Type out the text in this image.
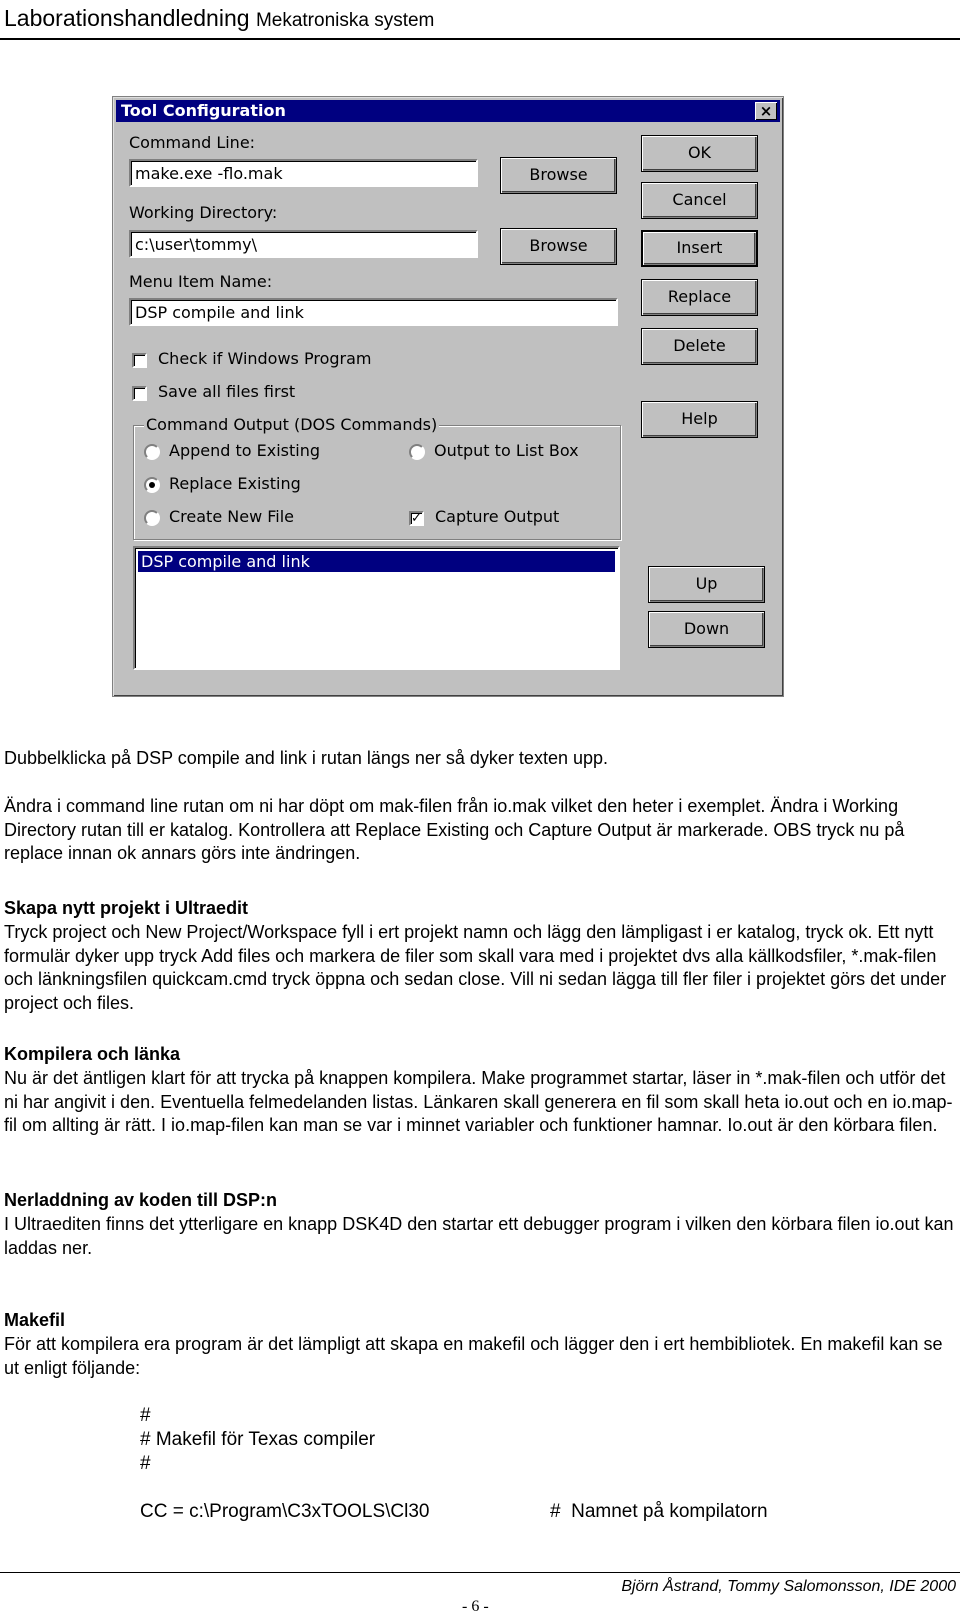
Laborationshandledning Mekatroniska system
Tool Configuration	×
Command Line:
make.exe -flo.mak
Browse
Working Directory:
c:\user\tommy\
Browse
Menu Item Name:
DSP compile and link
Check if Windows Program
Save all files first
Command Output (DOS Commands)
Append to Existing
Replace Existing
Create New File
Output to List Box
✓ Capture Output
DSP compile and link
OK
Cancel
Insert
Replace
Delete
Help
Up
Down

Dubbelklicka på DSP compile and link i rutan längs ner så dyker texten upp.

Ändra i command line rutan om ni har döpt om mak-filen från io.mak vilket den heter i exemplet. Ändra i Working Directory rutan till er katalog. Kontrollera att Replace Existing och Capture Output är markerade. OBS tryck nu på replace innan ok annars görs inte ändringen.

Skapa nytt projekt i Ultraedit

Tryck project och New Project/Workspace fyll i ert projekt namn och lägg den lämpligast i er katalog, tryck ok. Ett nytt formulär dyker upp tryck Add files och markera de filer som skall vara med i projektet dvs alla källkodsfiler, *.mak-filen och länkningsfilen quickcam.cmd tryck öppna och sedan close. Vill ni sedan lägga till fler filer i projektet görs det under project och files.

Kompilera och länka

Nu är det äntligen klart för att trycka på knappen kompilera. Make programmet startar, läser in *.mak-filen och utför det ni har angivit i den. Eventuella felmedelanden listas. Länkaren skall generera en fil som skall heta io.out och en io.map-fil om allting är rätt. I io.map-filen kan man se var i minnet variabler och funktioner hamnar. Io.out är den körbara filen.

Nerladdning av koden till DSP:n

I Ultraediten finns det ytterligare en knapp DSK4D den startar ett debugger program i vilken den körbara filen io.out kan laddas ner.

Makefil

För att kompilera era program är det lämpligt att skapa en makefil och lägger den i ert hembibliotek. En makefil kan se ut enligt följande:

#

# Makefil för Texas compiler

#

CC = c:\Program\C3xTOOLS\Cl30	#  Namnet på kompilatorn

Björn Åstrand, Tommy Salomonsson, IDE 2000
- 6 -
